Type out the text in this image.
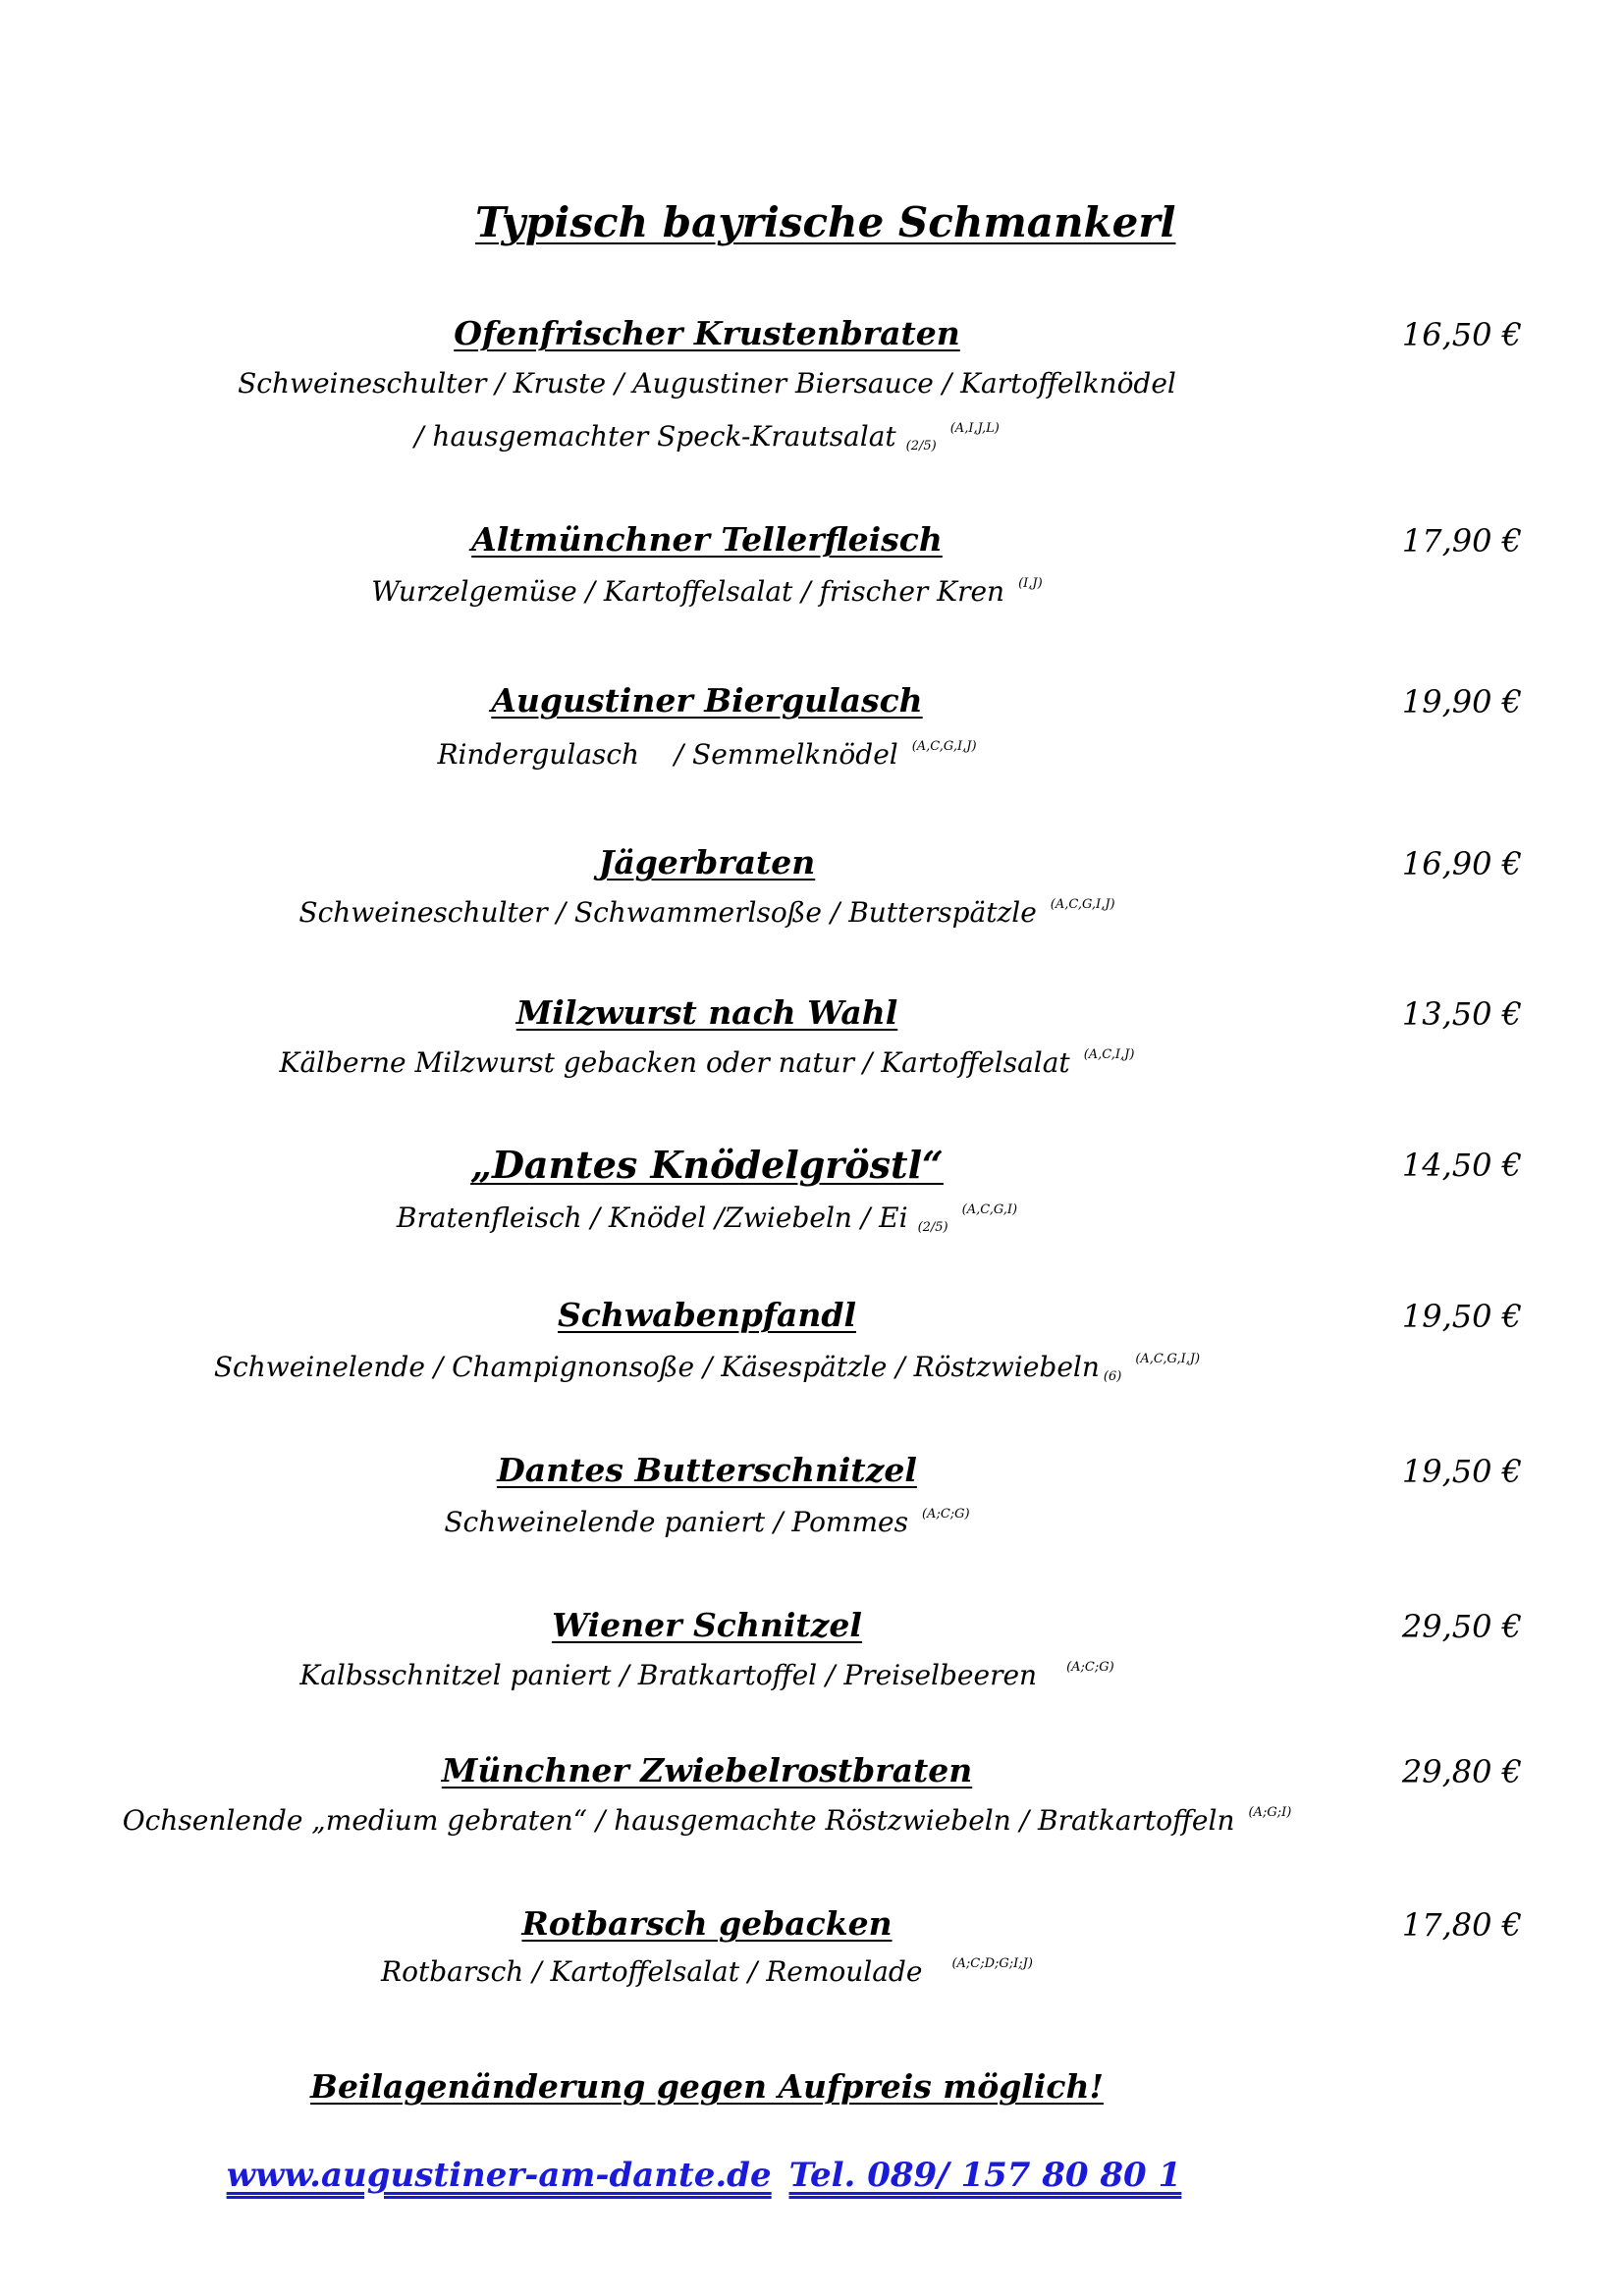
Typisch bayrische Schmankerl
Ofenfrischer Krustenbraten	16,50 €
Schweineschulter / Kruste / Augustiner Biersauce / Kartoffelknödel
/ hausgemachter Speck-Krautsalat $(2/5)^{(A,I,J,L)}$
Altmünchner Tellerfleisch	17,90 €
Wurzelgemüse / Kartoffelsalat / frischer Kren $^{(I,J)}$
Augustiner Biergulasch	19,90 €
Rindergulasch    / Semmelknödel $^{(A,C,G,I,J)}$
Jägerbraten	16,90 €
Schweineschulter / Schwammerlsoße / Butterspätzle $^{(A,C,G,I,J)}$
Milzwurst nach Wahl	13,50 €
Kälberne Milzwurst gebacken oder natur / Kartoffelsalat $^{(A,C,I,J)}$
„Dantes Knödelgröstl“	14,50 €
Bratenfleisch / Knödel /Zwiebeln / Ei $(2/5)^{(A,C,G,I)}$
Schwabenpfandl	19,50 €
Schweinelende / Champignonsoße / Käsespätzle / Röstzwiebeln $(6)^{(A,C,G,I,J)}$
Dantes Butterschnitzel	19,50 €
Schweinelende paniert / Pommes $^{(A;C;G)}$
Wiener Schnitzel	29,50 €
Kalbsschnitzel paniert / Bratkartoffel / Preiselbeeren $^{(A;C;G)}$
Münchner Zwiebelrostbraten	29,80 €
Ochsenlende „medium gebraten“ / hausgemachte Röstzwiebeln / Bratkartoffeln $^{(A;G;I)}$
Rotbarsch gebacken	17,80 €
Rotbarsch / Kartoffelsalat / Remoulade $^{(A;C;D;G;I;J)}$
Beilagenänderung gegen Aufpreis möglich!
www.augustiner-am-dante.de Tel. 089/ 157 80 80 1
